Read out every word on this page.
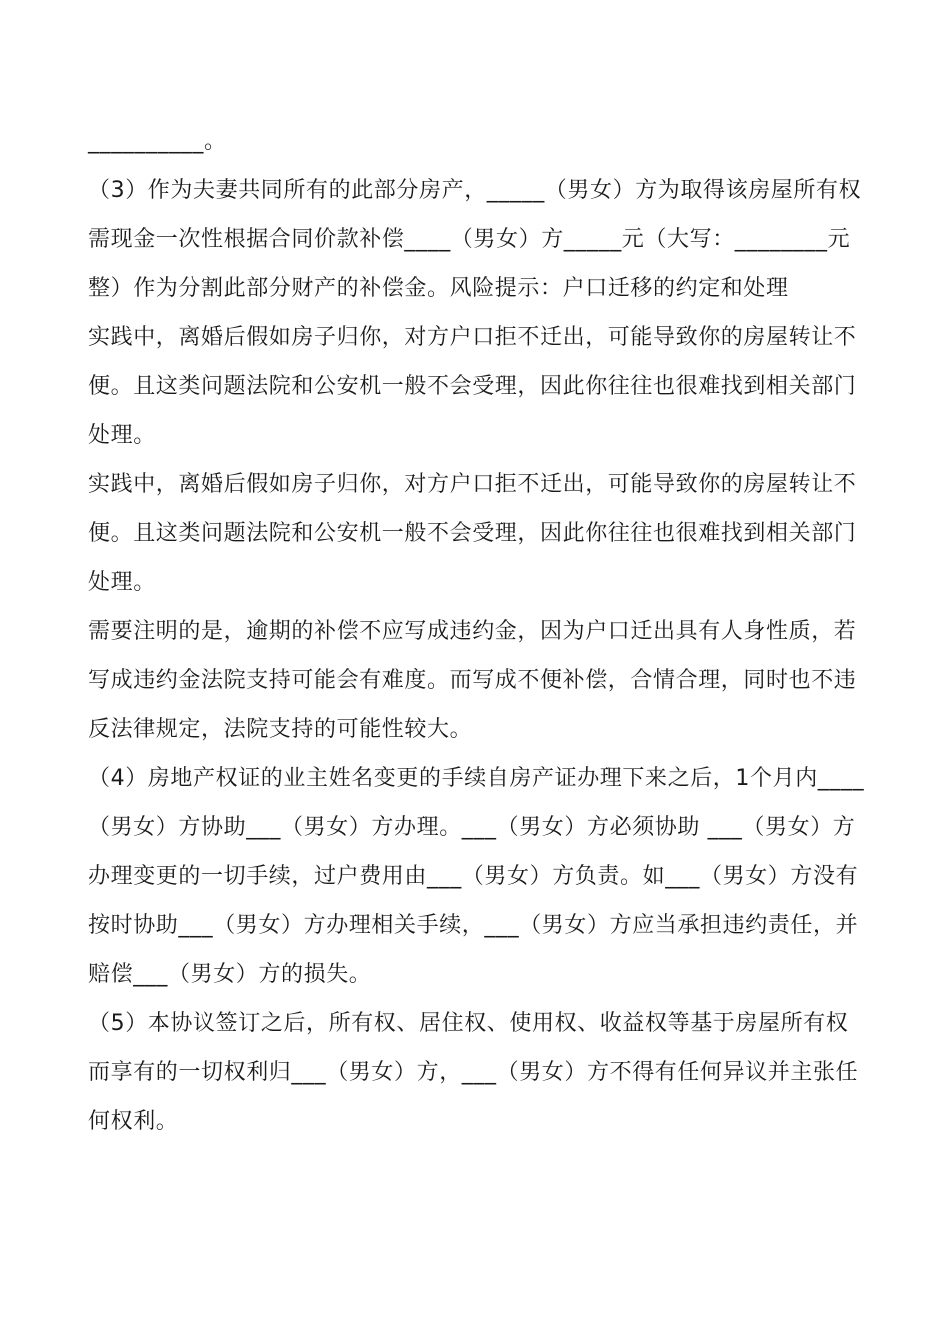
__________。

（3）作为夫妻共同所有的此部分房产，_____（男女）方为取得该房屋所有权需现金一次性根据合同价款补偿____（男女）方_____元（大写：________元整）作为分割此部分财产的补偿金。风险提示：户口迁移的约定和处理

实践中，离婚后假如房子归你，对方户口拒不迁出，可能导致你的房屋转让不便。且这类问题法院和公安机一般不会受理，因此你往往也很难找到相关部门处理。

实践中，离婚后假如房子归你，对方户口拒不迁出，可能导致你的房屋转让不便。且这类问题法院和公安机一般不会受理，因此你往往也很难找到相关部门处理。

需要注明的是，逾期的补偿不应写成违约金，因为户口迁出具有人身性质，若写成违约金法院支持可能会有难度。而写成不便补偿，合情合理，同时也不违反法律规定，法院支持的可能性较大。

（4）房地产权证的业主姓名变更的手续自房产证办理下来之后，1个月内____（男女）方协助___（男女）方办理。___（男女）方必须协助 ___（男女）方办理变更的一切手续，过户费用由___（男女）方负责。如___（男女）方没有按时协助___（男女）方办理相关手续，___（男女）方应当承担违约责任，并赔偿___（男女）方的损失。

（5）本协议签订之后，所有权、居住权、使用权、收益权等基于房屋所有权而享有的一切权利归___（男女）方，___（男女）方不得有任何异议并主张任何权利。
